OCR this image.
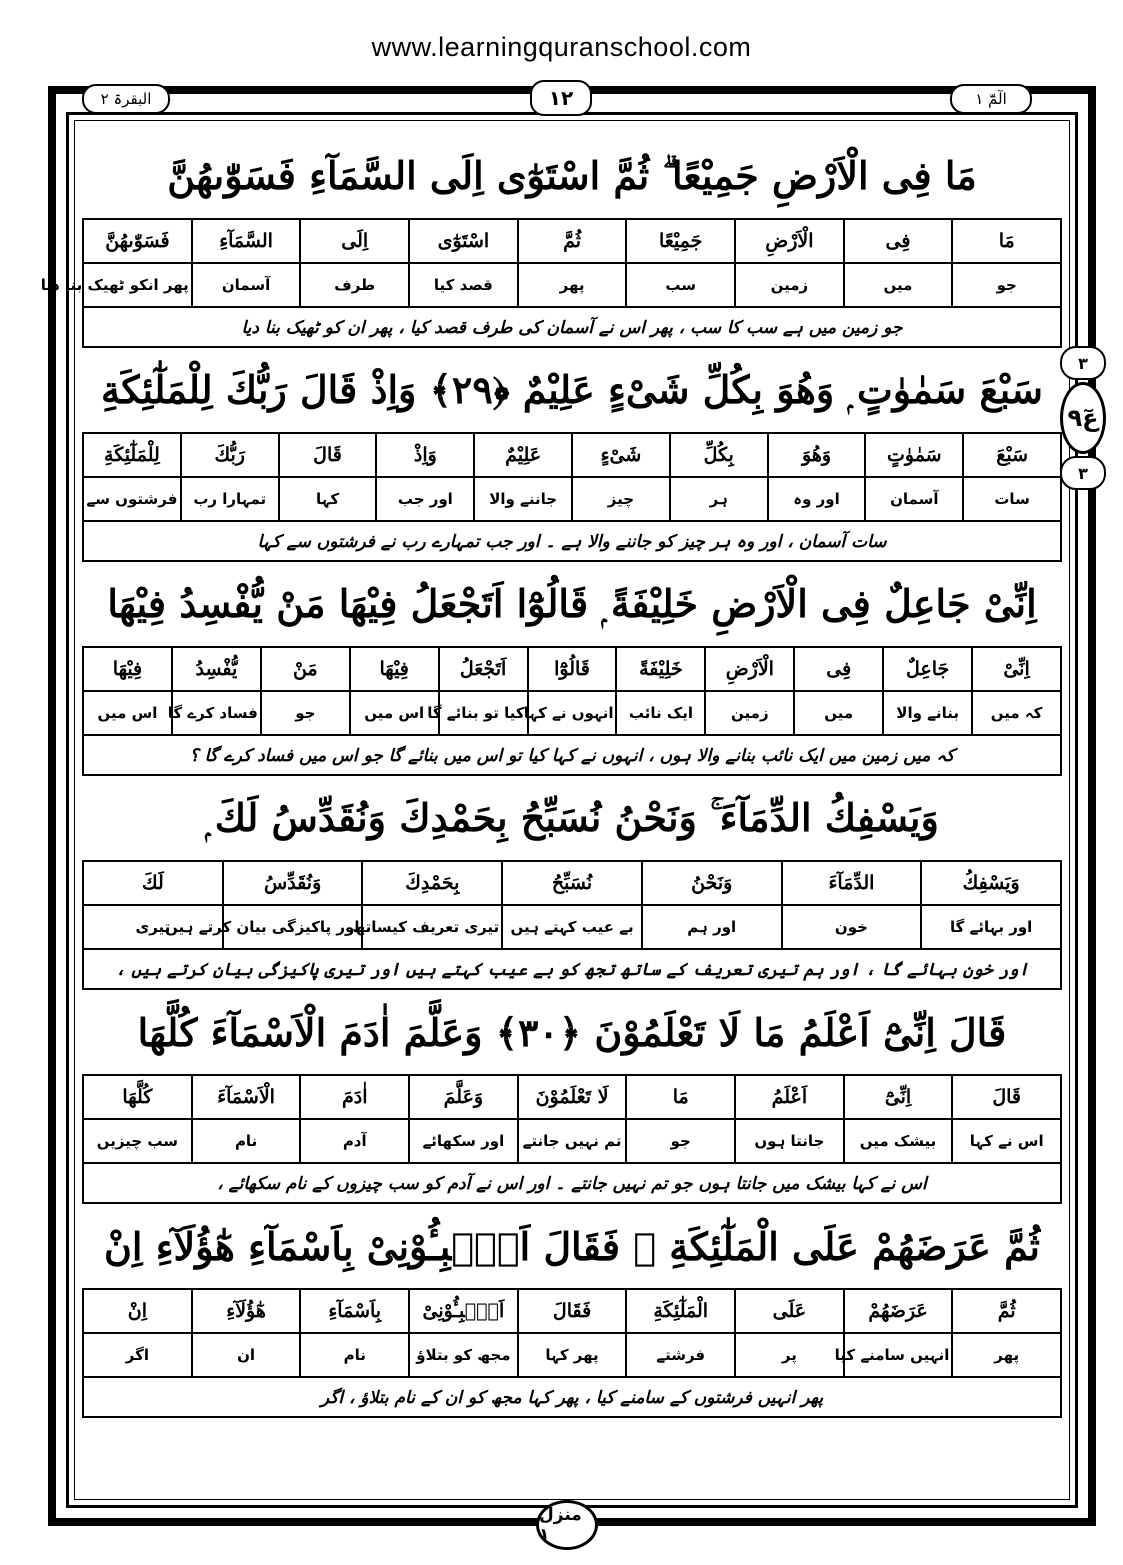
www.learningquranschool.com
۲ البقرۃ	۱۲	الٓمّٓ ۱
۳
عٓ۹
۳
مَا فِی الْاَرْضِ جَمِیْعًا ۗ ثُمَّ اسْتَوٰٓی اِلَی السَّمَآءِ فَسَوّٰىهُنَّ
مَا	فِی	الْاَرْضِ	جَمِیْعًا	ثُمَّ	اسْتَوٰٓی	اِلَی	السَّمَآءِ	فَسَوّٰىهُنَّ
جو	میں	زمین	سب	پھر	قصد کیا	طرف	آسمان	پھر انکو ٹھیک بنا دیا
جو زمین میں ہے سب کا سب ، پھر اس نے آسمان کی طرف قصد کیا ، پھر ان کو ٹھیک بنا دیا
سَبْعَ سَمٰوٰتٍ ۭ وَهُوَ بِكُلِّ شَیْءٍ عَلِیْمٌ ﴿۲۹﴾ وَاِذْ قَالَ رَبُّكَ لِلْمَلٰٓئِكَةِ
سَبْعَ	سَمٰوٰتٍ	وَهُوَ	بِكُلِّ	شَیْءٍ	عَلِیْمٌ	وَاِذْ	قَالَ	رَبُّكَ	لِلْمَلٰٓئِكَةِ
سات	آسمان	اور وہ	ہر	چیز	جاننے والا	اور جب	کہا	تمہارا رب	فرشتوں سے
سات آسمان ، اور وہ ہر چیز کو جاننے والا ہے ۔ اور جب تمہارے رب نے فرشتوں سے کہا
اِنِّیْ جَاعِلٌ فِی الْاَرْضِ خَلِیْفَةً ۭ قَالُوْٓا اَتَجْعَلُ فِیْهَا مَنْ یُّفْسِدُ فِیْهَا
اِنِّیْ	جَاعِلٌ	فِی	الْاَرْضِ	خَلِیْفَةً	قَالُوْٓا	اَتَجْعَلُ	فِیْهَا	مَنْ	یُّفْسِدُ	فِیْهَا
کہ میں	بنانے والا	میں	زمین	ایک نائب	انہوں نے کہا	کیا تو بنائے گا	اس میں	جو	فساد کرے گا	اس میں
کہ میں زمین میں ایک نائب بنانے والا ہوں ، انہوں نے کہا کیا تو اس میں بنائے گا جو اس میں فساد کرے گا ؟
وَیَسْفِكُ الدِّمَآءَ ۚ وَنَحْنُ نُسَبِّحُ بِحَمْدِكَ وَنُقَدِّسُ لَكَ ۭ
وَیَسْفِكُ	الدِّمَآءَ	وَنَحْنُ	نُسَبِّحُ	بِحَمْدِكَ	وَنُقَدِّسُ	لَكَ
اور بہائے گا	خون	اور ہم	بے عیب کہتے ہیں	تیری تعریف کیساتھ	اور پاکیزگی بیان کرتے ہیں	تیری
اور خون بہائے گا ، اور ہم تیری تعریف کے ساتھ تجھ کو بے عیب کہتے ہیں اور تیری پاکیزگی بیان کرتے ہیں ،
قَالَ اِنِّیْٓ اَعْلَمُ مَا لَا تَعْلَمُوْنَ ﴿۳۰﴾ وَعَلَّمَ اٰدَمَ الْاَسْمَآءَ كُلَّهَا
قَالَ	اِنِّیْٓ	اَعْلَمُ	مَا	لَا تَعْلَمُوْنَ	وَعَلَّمَ	اٰدَمَ	الْاَسْمَآءَ	كُلَّهَا
اس نے کہا	بیشک میں	جانتا ہوں	جو	تم نہیں جانتے	اور سکھائے	آدم	نام	سب چیزیں
اس نے کہا بیشک میں جانتا ہوں جو تم نہیں جانتے ۔ اور اس نے آدم کو سب چیزوں کے نام سکھائے ،
ثُمَّ عَرَضَهُمْ عَلَی الْمَلٰٓئِكَةِ ۙ فَقَالَ اَنْۢبِـُٔوْنِیْ بِاَسْمَآءِ هٰٓؤُلَآءِ اِنْ
ثُمَّ	عَرَضَهُمْ	عَلَی	الْمَلٰٓئِكَةِ	فَقَالَ	اَنْۢبِـُٔوْنِیْ	بِاَسْمَآءِ	هٰٓؤُلَآءِ	اِنْ
پھر	انہیں سامنے کیا	پر	فرشتے	پھر کہا	مجھ کو بتلاؤ	نام	ان	اگر
پھر انہیں فرشتوں کے سامنے کیا ، پھر کہا مجھ کو ان کے نام بتلاؤ ، اگر
منزل ۱
